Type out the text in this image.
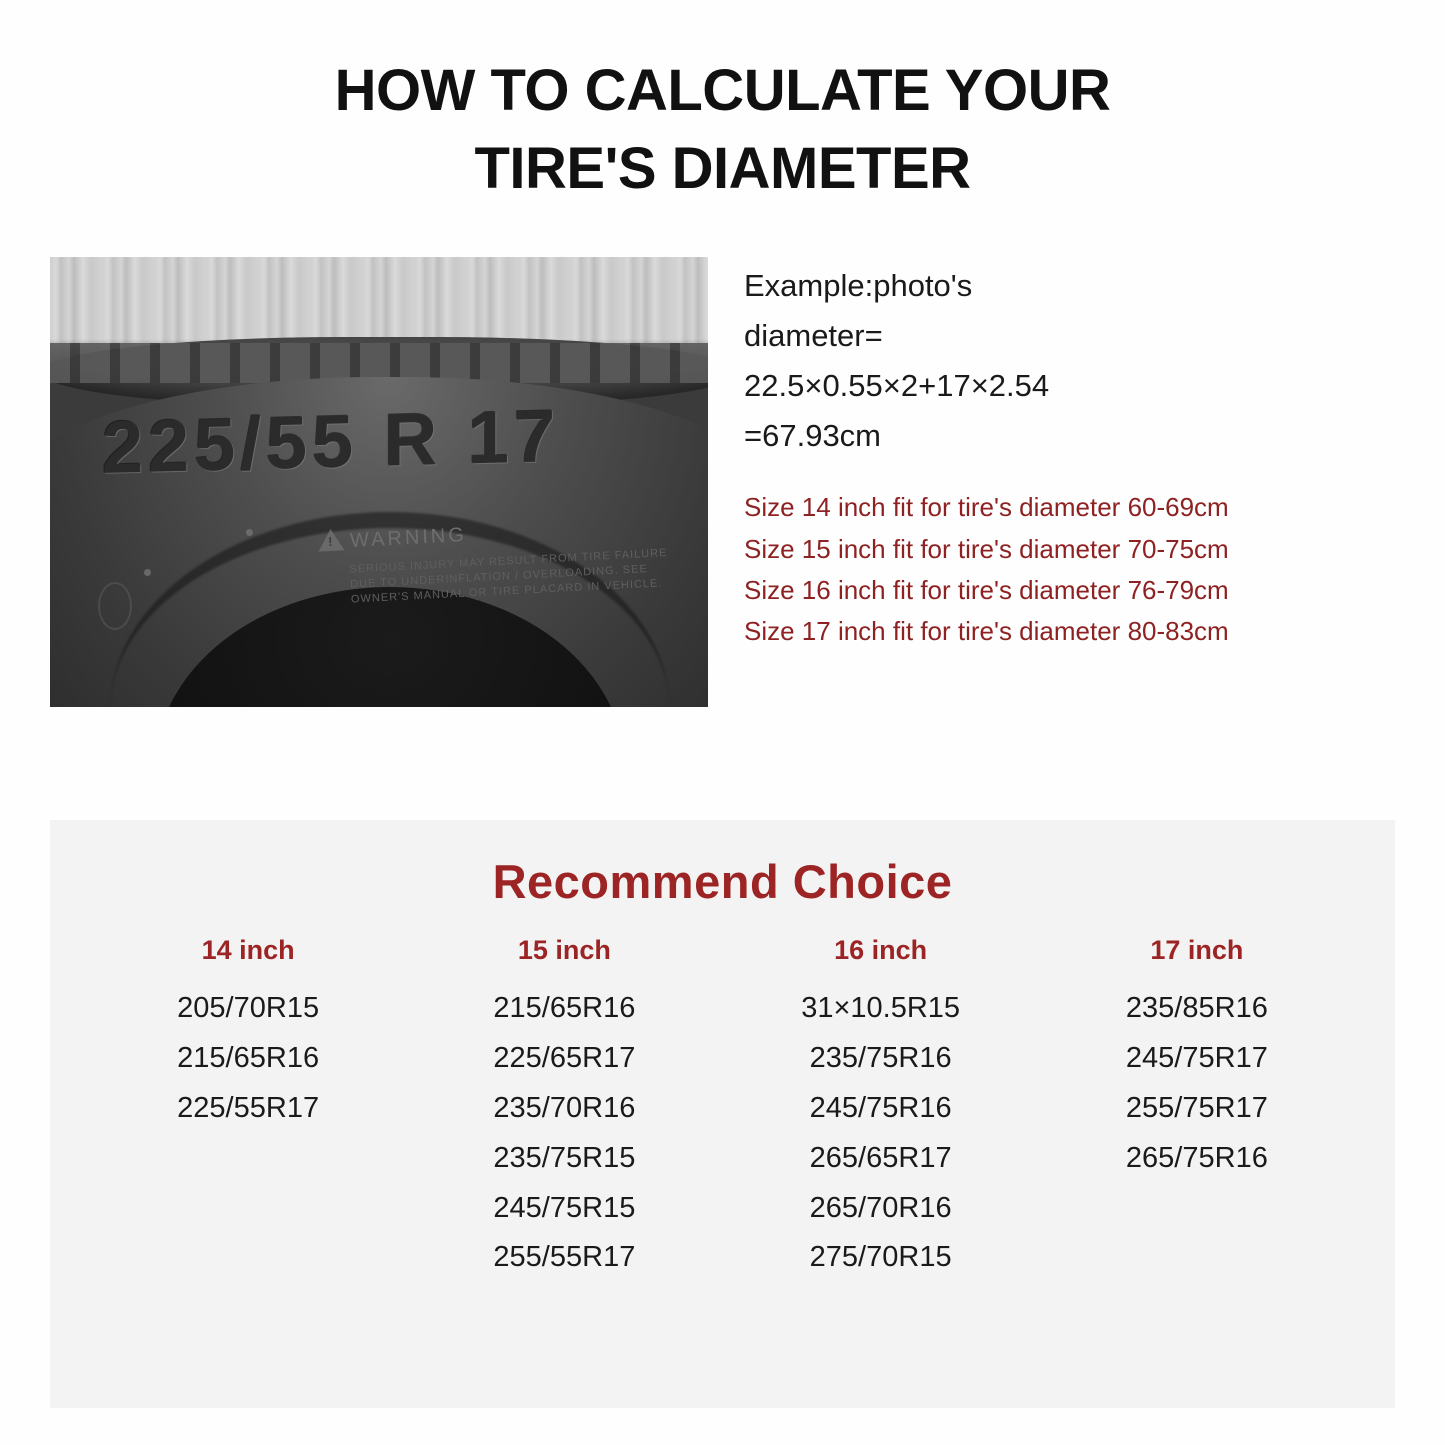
HOW TO CALCULATE YOUR
TIRE'S DIAMETER
225/55 R 17
!
WARNING
SERIOUS INJURY MAY RESULT FROM TIRE FAILURE DUE TO UNDERINFLATION / OVERLOADING. SEE OWNER'S MANUAL OR TIRE PLACARD IN VEHICLE.
Example:photo's
diameter=
22.5×0.55×2+17×2.54
=67.93cm
Size 14 inch fit for tire's diameter 60-69cm
Size 15 inch fit for tire's diameter 70-75cm
Size 16 inch fit for tire's diameter 76-79cm
Size 17 inch fit for tire's diameter 80-83cm
Recommend Choice
14 inch
205/70R15
215/65R16
225/55R17
15 inch
215/65R16
225/65R17
235/70R16
235/75R15
245/75R15
255/55R17
16 inch
31×10.5R15
235/75R16
245/75R16
265/65R17
265/70R16
275/70R15
17 inch
235/85R16
245/75R17
255/75R17
265/75R16
